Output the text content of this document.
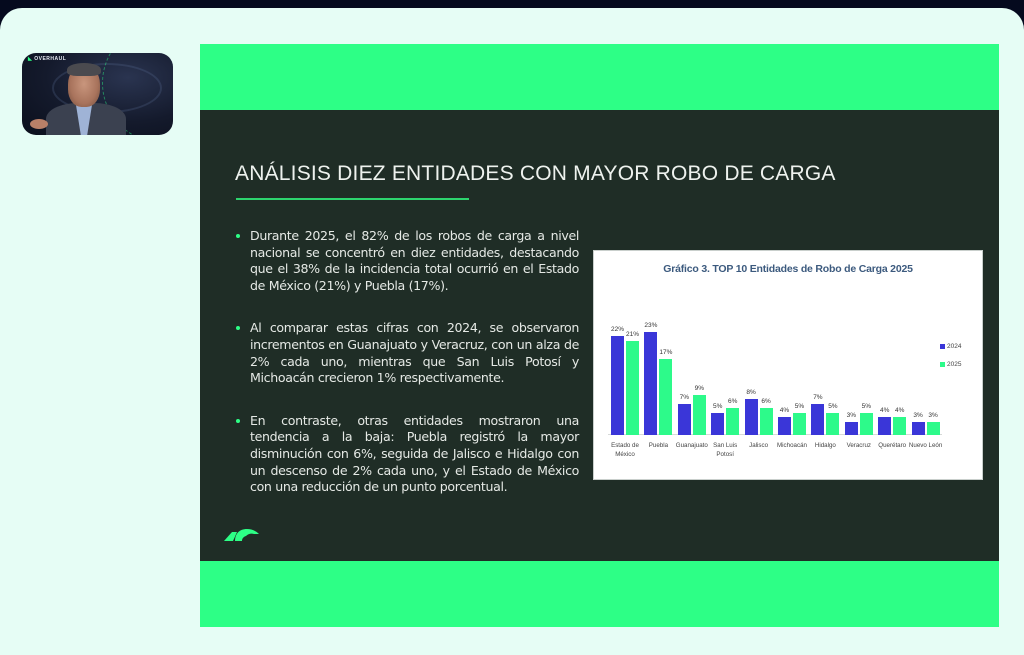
◣ OVERHAUL
ANÁLISIS DIEZ ENTIDADES CON MAYOR ROBO DE CARGA
Durante 2025, el 82% de los robos de carga a nivel nacional se concentró en diez entidades, destacando que el 38% de la incidencia total ocurrió en el Estado de México (21%) y Puebla (17%).
Al comparar estas cifras con 2024, se observaron incrementos en Guanajuato y Veracruz, con un alza de 2% cada uno, mientras que San Luis Potosí y Michoacán crecieron 1% respectivamente.
En contraste, otras entidades mostraron una tendencia a la baja: Puebla registró la mayor disminución con 6%, seguida de Jalisco e Hidalgo con un descenso de 2% cada uno, y el Estado de México con una reducción de un punto porcentual.
Gráfico 3. TOP 10 Entidades de Robo de Carga 2025
22%
21%
23%
17%
7%
9%
5%
6%
8%
6%
4%
5%
7%
5%
3%
5%
4% 4%
3% 3%
Estado de
México
Puebla	Guanajuato San Luis
Potosí
Jalisco	Michoacán	Hidalgo	Veracruz	Querétaro Nuevo León
2024
2025
